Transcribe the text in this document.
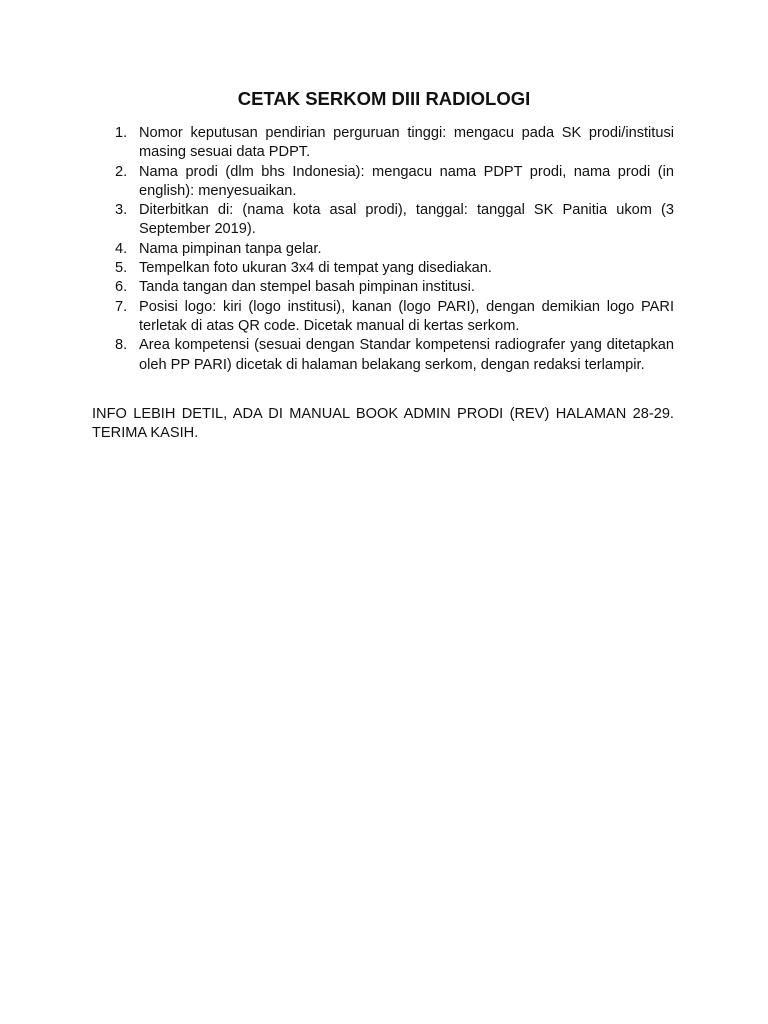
CETAK SERKOM DIII RADIOLOGI
1. Nomor keputusan pendirian perguruan tinggi: mengacu pada SK prodi/institusi masing sesuai data PDPT.
2. Nama prodi (dlm bhs Indonesia): mengacu nama PDPT prodi, nama prodi (in english): menyesuaikan.
3. Diterbitkan di: (nama kota asal prodi), tanggal: tanggal SK Panitia ukom (3 September 2019).
4. Nama pimpinan tanpa gelar.
5. Tempelkan foto ukuran 3x4 di tempat yang disediakan.
6. Tanda tangan dan stempel basah pimpinan institusi.
7. Posisi logo: kiri (logo institusi), kanan (logo PARI), dengan demikian logo PARI terletak di atas QR code. Dicetak manual di kertas serkom.
8. Area kompetensi (sesuai dengan Standar kompetensi radiografer yang ditetapkan oleh PP PARI) dicetak di halaman belakang serkom, dengan redaksi terlampir.

INFO LEBIH DETIL, ADA DI MANUAL BOOK ADMIN PRODI (REV) HALAMAN 28-29. TERIMA KASIH.
